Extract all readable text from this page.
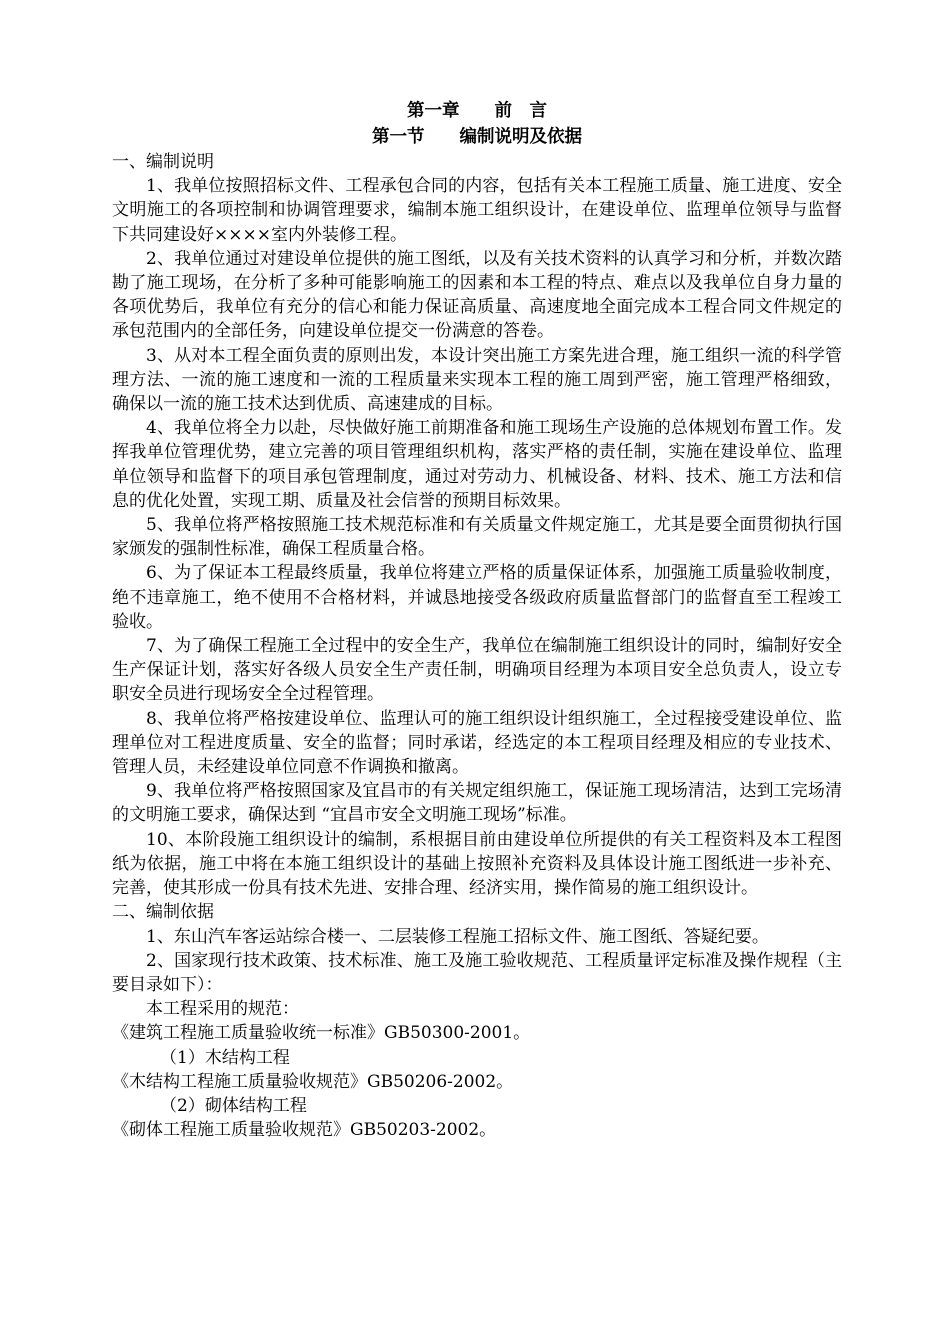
第一章　　前　言
第一节　　编制说明及依据

一、编制说明

1、我单位按照招标文件、工程承包合同的内容，包括有关本工程施工质量、施工进度、安全文明施工的各项控制和协调管理要求，编制本施工组织设计，在建设单位、监理单位领导与监督下共同建设好××××室内外装修工程。

2、我单位通过对建设单位提供的施工图纸，以及有关技术资料的认真学习和分析，并数次踏勘了施工现场，在分析了多种可能影响施工的因素和本工程的特点、难点以及我单位自身力量的各项优势后，我单位有充分的信心和能力保证高质量、高速度地全面完成本工程合同文件规定的承包范围内的全部任务，向建设单位提交一份满意的答卷。

3、从对本工程全面负责的原则出发，本设计突出施工方案先进合理，施工组织一流的科学管理方法、一流的施工速度和一流的工程质量来实现本工程的施工周到严密，施工管理严格细致，确保以一流的施工技术达到优质、高速建成的目标。

4、我单位将全力以赴，尽快做好施工前期准备和施工现场生产设施的总体规划布置工作。发挥我单位管理优势，建立完善的项目管理组织机构，落实严格的责任制，实施在建设单位、监理单位领导和监督下的项目承包管理制度，通过对劳动力、机械设备、材料、技术、施工方法和信息的优化处置，实现工期、质量及社会信誉的预期目标效果。

5、我单位将严格按照施工技术规范标准和有关质量文件规定施工，尤其是要全面贯彻执行国家颁发的强制性标准，确保工程质量合格。

6、为了保证本工程最终质量，我单位将建立严格的质量保证体系，加强施工质量验收制度，绝不违章施工，绝不使用不合格材料，并诚恳地接受各级政府质量监督部门的监督直至工程竣工验收。

7、为了确保工程施工全过程中的安全生产，我单位在编制施工组织设计的同时，编制好安全生产保证计划，落实好各级人员安全生产责任制，明确项目经理为本项目安全总负责人，设立专职安全员进行现场安全全过程管理。

8、我单位将严格按建设单位、监理认可的施工组织设计组织施工，全过程接受建设单位、监理单位对工程进度质量、安全的监督；同时承诺，经选定的本工程项目经理及相应的专业技术、管理人员，未经建设单位同意不作调换和撤离。

9、我单位将严格按照国家及宜昌市的有关规定组织施工，保证施工现场清洁，达到工完场清的文明施工要求，确保达到 “宜昌市安全文明施工现场”标准。

10、本阶段施工组织设计的编制，系根据目前由建设单位所提供的有关工程资料及本工程图纸为依据，施工中将在本施工组织设计的基础上按照补充资料及具体设计施工图纸进一步补充、完善，使其形成一份具有技术先进、安排合理、经济实用，操作简易的施工组织设计。

二、编制依据

1、东山汽车客运站综合楼一、二层装修工程施工招标文件、施工图纸、答疑纪要。

2、国家现行技术政策、技术标准、施工及施工验收规范、工程质量评定标准及操作规程（主要目录如下）：

本工程采用的规范：

《建筑工程施工质量验收统一标准》GB50300-2001。

（1）木结构工程

《木结构工程施工质量验收规范》GB50206-2002。

（2）砌体结构工程

《砌体工程施工质量验收规范》GB50203-2002。
